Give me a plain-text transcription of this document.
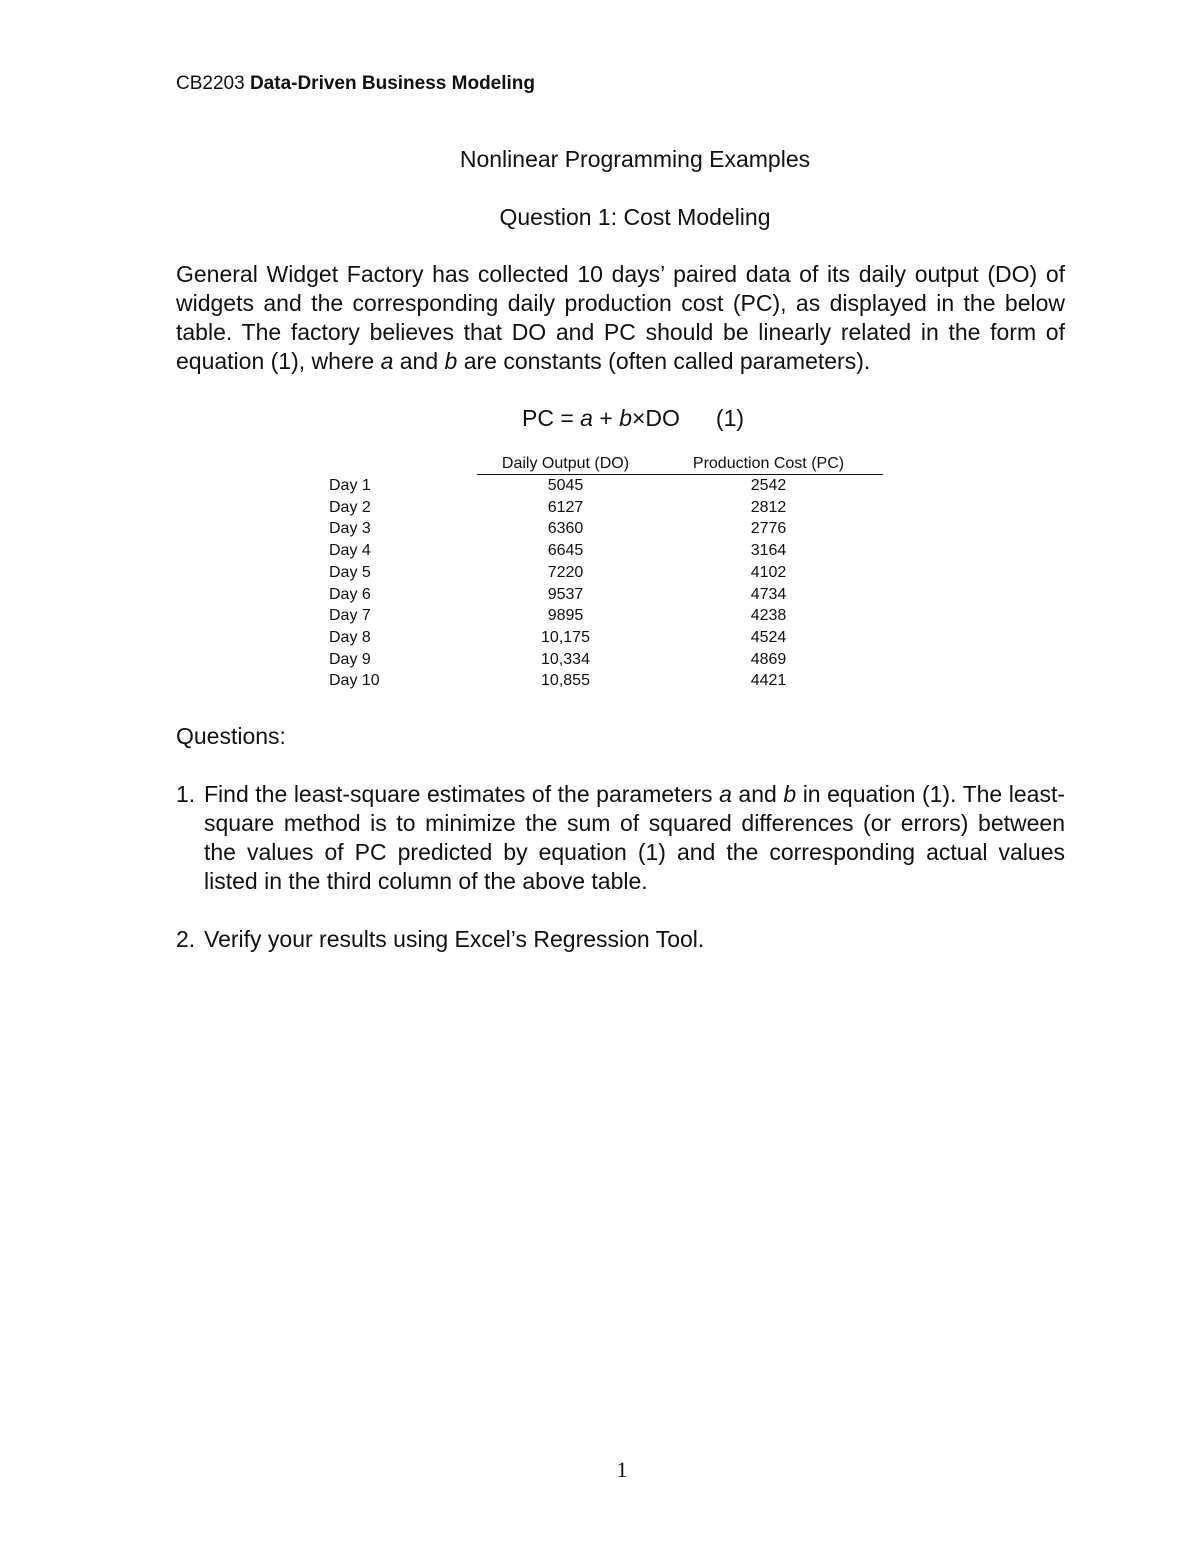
CB2203 Data-Driven Business Modeling
Nonlinear Programming Examples
Question 1: Cost Modeling

General Widget Factory has collected 10 days’ paired data of its daily output (DO) of widgets and the corresponding daily production cost (PC), as displayed in the below table. The factory believes that DO and PC should be linearly related in the form of equation (1), where a and b are constants (often called parameters).

PC = a + b×DO (1)
	Daily Output (DO)	Production Cost (PC)
Day 1	5045	2542
Day 2	6127	2812
Day 3	6360	2776
Day 4	6645	3164
Day 5	7220	4102
Day 6	9537	4734
Day 7	9895	4238
Day 8	10,175	4524
Day 9	10,334	4869
Day 10	10,855	4421
Questions:
1. Find the least-square estimates of the parameters a and b in equation (1). The least-square method is to minimize the sum of squared differences (or errors) between the values of PC predicted by equation (1) and the corresponding actual values listed in the third column of the above table.
2. Verify your results using Excel’s Regression Tool.
1
